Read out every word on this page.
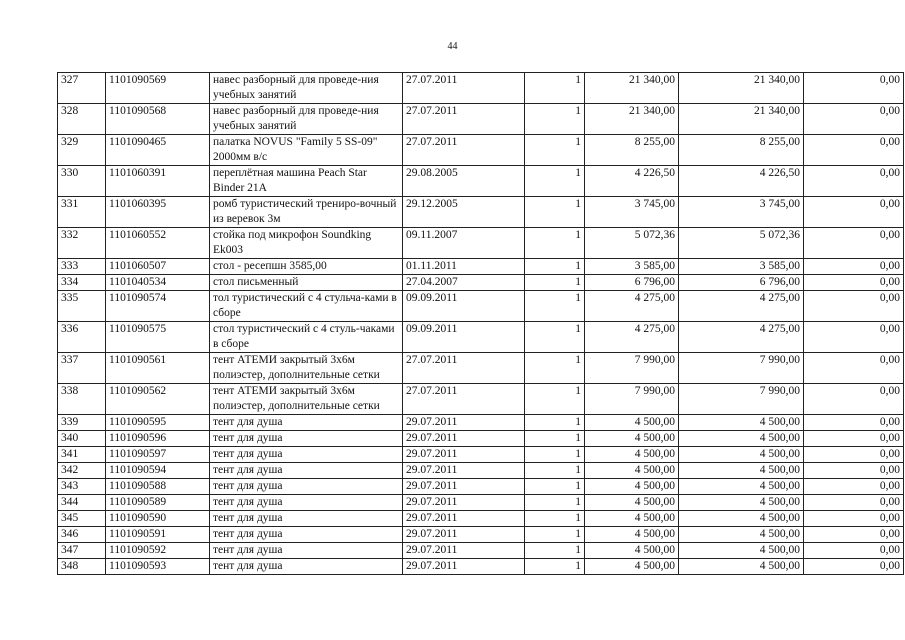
44
327	1101090569	навес разборный для проведе-ния учебных занятий	27.07.2011	1	21 340,00	21 340,00	0,00
328	1101090568	навес разборный для проведе-ния учебных занятий	27.07.2011	1	21 340,00	21 340,00	0,00
329	1101090465	палатка NOVUS "Family 5 SS-09" 2000мм в/с	27.07.2011	1	8 255,00	8 255,00	0,00
330	1101060391	переплётная машина Peach Star Binder 21A	29.08.2005	1	4 226,50	4 226,50	0,00
331	1101060395	ромб туристический трениро-вочный из веревок 3м	29.12.2005	1	3 745,00	3 745,00	0,00
332	1101060552	стойка под микрофон Soundking Ek003	09.11.2007	1	5 072,36	5 072,36	0,00
333	1101060507	стол - ресепшн 3585,00	01.11.2011	1	3 585,00	3 585,00	0,00
334	1101040534	стол письменный	27.04.2007	1	6 796,00	6 796,00	0,00
335	1101090574	тол туристический с 4 стульча-ками в сборе	09.09.2011	1	4 275,00	4 275,00	0,00
336	1101090575	стол туристический с 4 стуль-чаками в сборе	09.09.2011	1	4 275,00	4 275,00	0,00
337	1101090561	тент АТЕМИ закрытый 3х6м полиэстер, дополнительные сетки	27.07.2011	1	7 990,00	7 990,00	0,00
338	1101090562	тент АТЕМИ закрытый 3х6м полиэстер, дополнительные сетки	27.07.2011	1	7 990,00	7 990,00	0,00
339	1101090595	тент для душа	29.07.2011	1	4 500,00	4 500,00	0,00
340	1101090596	тент для душа	29.07.2011	1	4 500,00	4 500,00	0,00
341	1101090597	тент для душа	29.07.2011	1	4 500,00	4 500,00	0,00
342	1101090594	тент для душа	29.07.2011	1	4 500,00	4 500,00	0,00
343	1101090588	тент для душа	29.07.2011	1	4 500,00	4 500,00	0,00
344	1101090589	тент для душа	29.07.2011	1	4 500,00	4 500,00	0,00
345	1101090590	тент для душа	29.07.2011	1	4 500,00	4 500,00	0,00
346	1101090591	тент для душа	29.07.2011	1	4 500,00	4 500,00	0,00
347	1101090592	тент для душа	29.07.2011	1	4 500,00	4 500,00	0,00
348	1101090593	тент для душа	29.07.2011	1	4 500,00	4 500,00	0,00
